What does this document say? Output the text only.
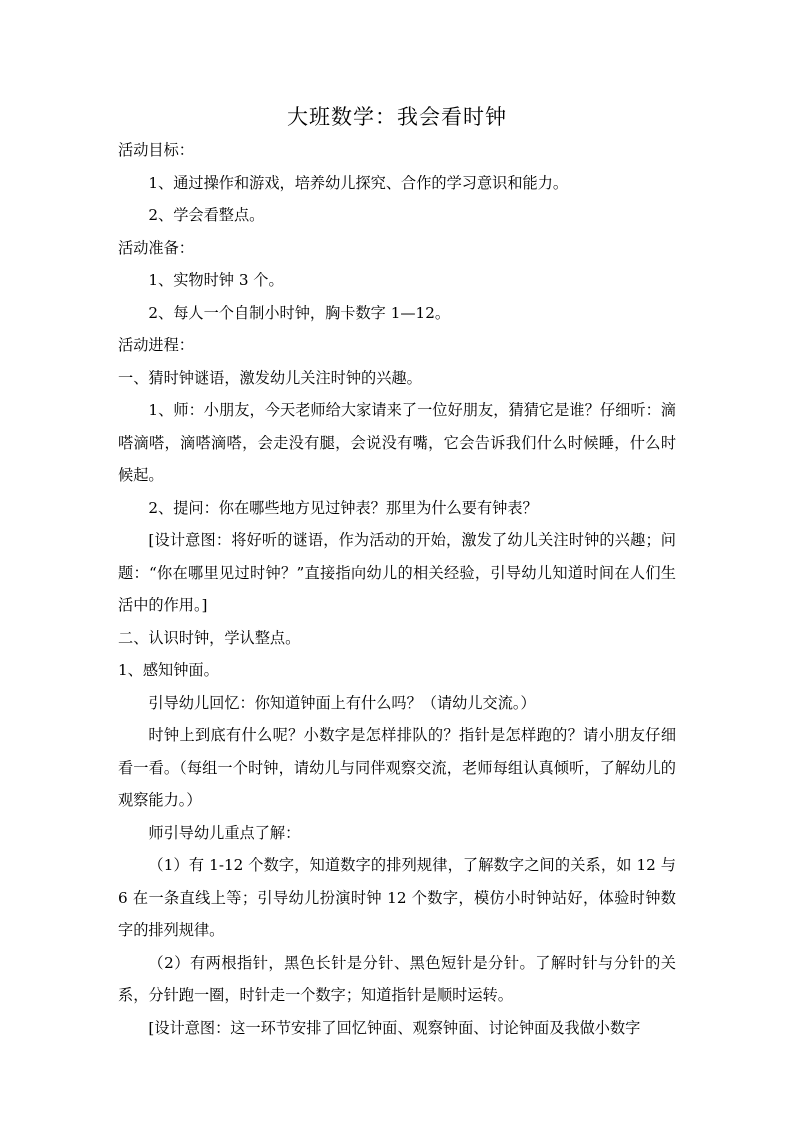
大班数学：我会看时钟

活动目标：

1、通过操作和游戏，培养幼儿探究、合作的学习意识和能力。

2、学会看整点。

活动准备：

1、实物时钟 3 个。

2、每人一个自制小时钟，胸卡数字 1—12。

活动进程：

一、猜时钟谜语，激发幼儿关注时钟的兴趣。

1、师：小朋友，今天老师给大家请来了一位好朋友，猜猜它是谁？仔细听：滴嗒滴嗒，滴嗒滴嗒，会走没有腿，会说没有嘴，它会告诉我们什么时候睡，什么时候起。

2、提问：你在哪些地方见过钟表？那里为什么要有钟表？

[设计意图：将好听的谜语，作为活动的开始，激发了幼儿关注时钟的兴趣；问题：“你在哪里见过时钟？”直接指向幼儿的相关经验，引导幼儿知道时间在人们生活中的作用。]

二、认识时钟，学认整点。

1、感知钟面。

引导幼儿回忆：你知道钟面上有什么吗？（请幼儿交流。）

时钟上到底有什么呢？小数字是怎样排队的？指针是怎样跑的？请小朋友仔细看一看。（每组一个时钟，请幼儿与同伴观察交流，老师每组认真倾听，了解幼儿的观察能力。）

师引导幼儿重点了解：

（1）有 1-12 个数字，知道数字的排列规律，了解数字之间的关系，如 12 与 6 在一条直线上等；引导幼儿扮演时钟 12 个数字，模仿小时钟站好，体验时钟数字的排列规律。

（2）有两根指针，黑色长针是分针、黑色短针是分针。了解时针与分针的关系，分针跑一圈，时针走一个数字；知道指针是顺时运转。

[设计意图：这一环节安排了回忆钟面、观察钟面、讨论钟面及我做小数字
